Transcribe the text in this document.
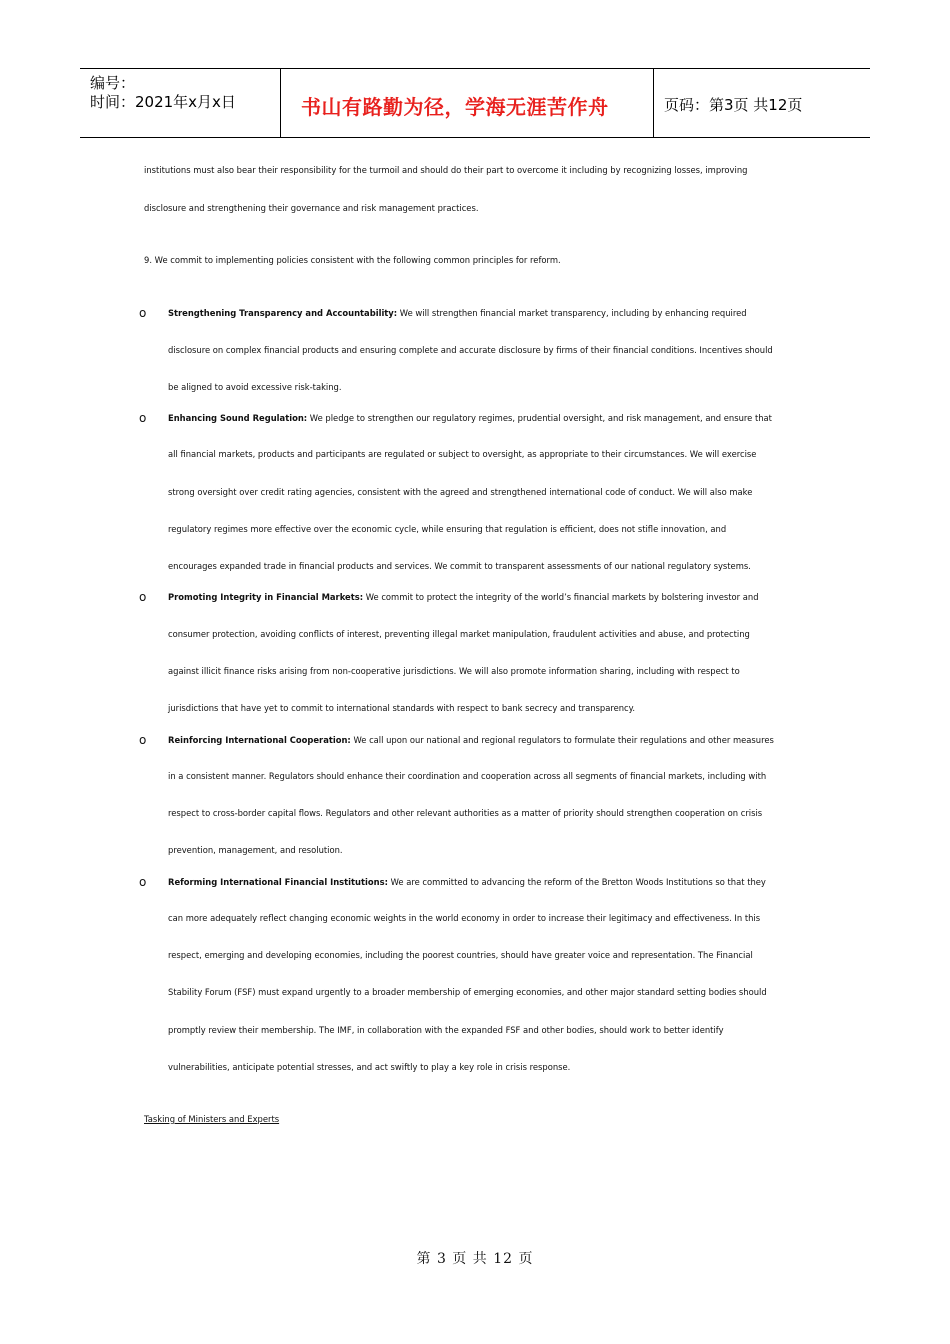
编号：
时间：2021年x月x日	书山有路勤为径，学海无涯苦作舟	页码：第3页 共12页
institutions must also bear their responsibility for the turmoil and should do their part to overcome it including by recognizing losses, improving
disclosure and strengthening their governance and risk management practices.
9. We commit to implementing policies consistent with the following common principles for reform.
o	Strengthening Transparency and Accountability: We will strengthen financial market transparency, including by enhancing required
disclosure on complex financial products and ensuring complete and accurate disclosure by firms of their financial conditions. Incentives should
be aligned to avoid excessive risk-taking.
o	Enhancing Sound Regulation: We pledge to strengthen our regulatory regimes, prudential oversight, and risk management, and ensure that
all financial markets, products and participants are regulated or subject to oversight, as appropriate to their circumstances. We will exercise
strong oversight over credit rating agencies, consistent with the agreed and strengthened international code of conduct. We will also make
regulatory regimes more effective over the economic cycle, while ensuring that regulation is efficient, does not stifle innovation, and
encourages expanded trade in financial products and services. We commit to transparent assessments of our national regulatory systems.
o	Promoting Integrity in Financial Markets: We commit to protect the integrity of the world’s financial markets by bolstering investor and
consumer protection, avoiding conflicts of interest, preventing illegal market manipulation, fraudulent activities and abuse, and protecting
against illicit finance risks arising from non-cooperative jurisdictions. We will also promote information sharing, including with respect to
jurisdictions that have yet to commit to international standards with respect to bank secrecy and transparency.
o	Reinforcing International Cooperation: We call upon our national and regional regulators to formulate their regulations and other measures
in a consistent manner. Regulators should enhance their coordination and cooperation across all segments of financial markets, including with
respect to cross-border capital flows. Regulators and other relevant authorities as a matter of priority should strengthen cooperation on crisis
prevention, management, and resolution.
o	Reforming International Financial Institutions: We are committed to advancing the reform of the Bretton Woods Institutions so that they
can more adequately reflect changing economic weights in the world economy in order to increase their legitimacy and effectiveness. In this
respect, emerging and developing economies, including the poorest countries, should have greater voice and representation. The Financial
Stability Forum (FSF) must expand urgently to a broader membership of emerging economies, and other major standard setting bodies should
promptly review their membership. The IMF, in collaboration with the expanded FSF and other bodies, should work to better identify
vulnerabilities, anticipate potential stresses, and act swiftly to play a key role in crisis response.
Tasking of Ministers and Experts
第 3 页 共 12 页
